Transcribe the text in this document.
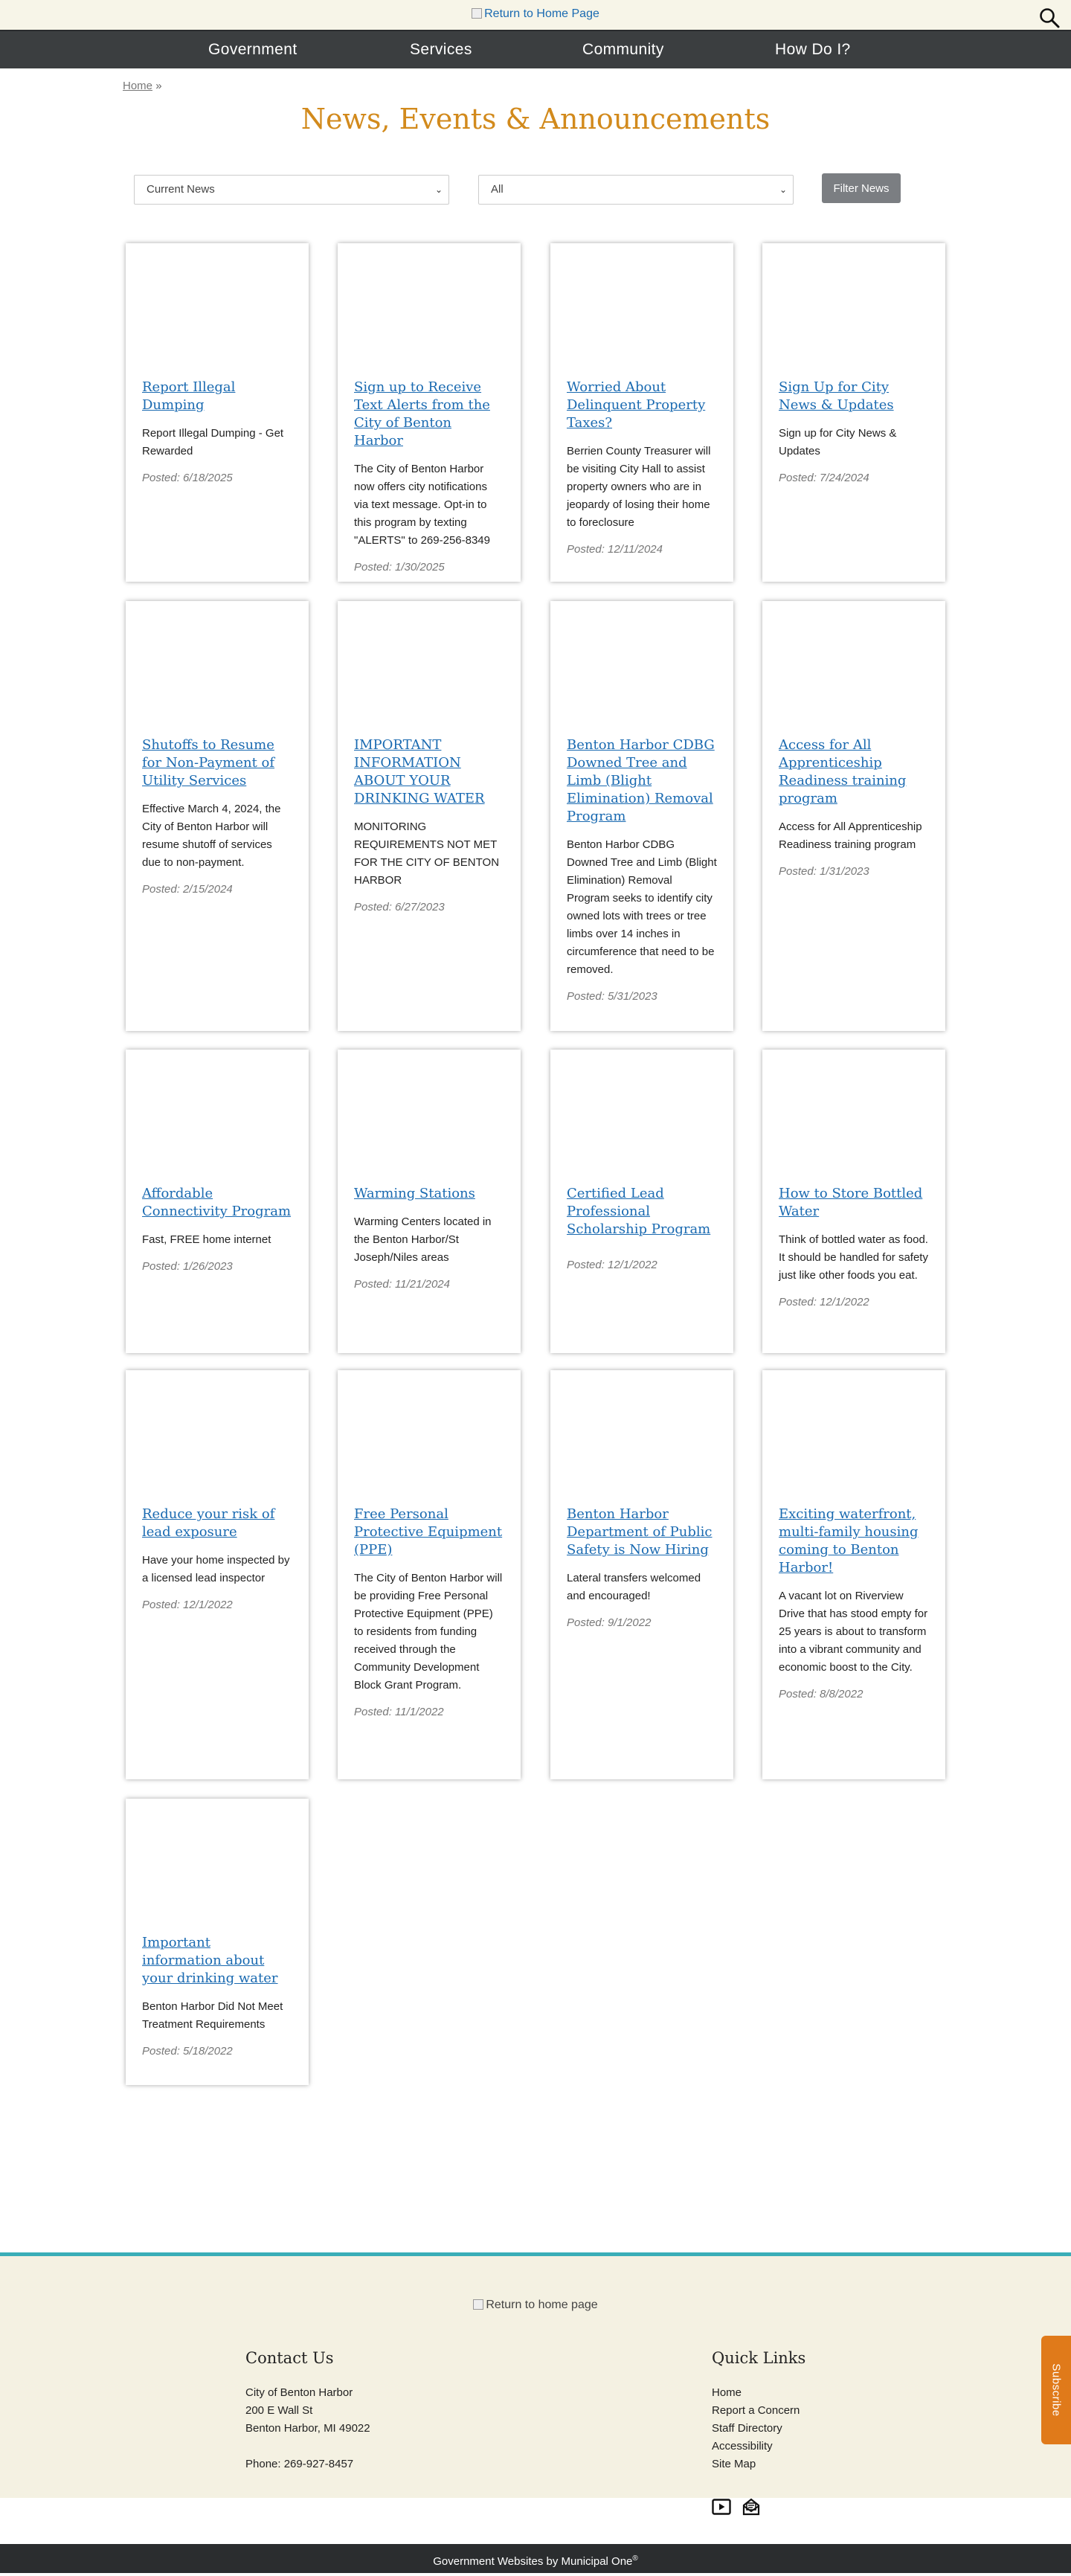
Return to Home Page
Government	Services	Community	How Do I?
Home »
News, Events & Announcements
Current News	⌄	All	⌄	Filter News
Report Illegal Dumping
Report Illegal Dumping - Get Rewarded
Posted: 6/18/2025
Sign up to Receive Text Alerts from the City of Benton Harbor
The City of Benton Harbor now offers city notifications via text message. Opt-in to this program by texting "ALERTS" to 269-256-8349
Posted: 1/30/2025
Worried About Delinquent Property Taxes?
Berrien County Treasurer will be visiting City Hall to assist property owners who are in jeopardy of losing their home to foreclosure
Posted: 12/11/2024
Sign Up for City News & Updates
Sign up for City News & Updates
Posted: 7/24/2024
Shutoffs to Resume for Non-Payment of Utility Services
Effective March 4, 2024, the City of Benton Harbor will resume shutoff of services due to non-payment.
Posted: 2/15/2024
IMPORTANT INFORMATION ABOUT YOUR DRINKING WATER
MONITORING REQUIREMENTS NOT MET FOR THE CITY OF BENTON HARBOR
Posted: 6/27/2023
Benton Harbor CDBG Downed Tree and Limb (Blight Elimination) Removal Program
Benton Harbor CDBG Downed Tree and Limb (Blight Elimination) Removal Program seeks to identify city owned lots with trees or tree limbs over 14 inches in circumference that need to be removed.
Posted: 5/31/2023
Access for All Apprenticeship Readiness training program
Access for All Apprenticeship Readiness training program
Posted: 1/31/2023
Affordable Connectivity Program
Fast, FREE home internet
Posted: 1/26/2023
Warming Stations
Warming Centers located in the Benton Harbor/St Joseph/Niles areas
Posted: 11/21/2024
Certified Lead Professional Scholarship Program
Posted: 12/1/2022
How to Store Bottled Water
Think of bottled water as food. It should be handled for safety just like other foods you eat.
Posted: 12/1/2022
Reduce your risk of lead exposure
Have your home inspected by a licensed lead inspector
Posted: 12/1/2022
Free Personal Protective Equipment (PPE)
The City of Benton Harbor will be providing Free Personal Protective Equipment (PPE) to residents from funding received through the Community Development Block Grant Program.
Posted: 11/1/2022
Benton Harbor Department of Public Safety is Now Hiring
Lateral transfers welcomed and encouraged!
Posted: 9/1/2022
Exciting waterfront, multi-family housing coming to Benton Harbor!
A vacant lot on Riverview Drive that has stood empty for 25 years is about to transform into a vibrant community and economic boost to the City.
Posted: 8/8/2022
Important information about your drinking water
Benton Harbor Did Not Meet Treatment Requirements
Posted: 5/18/2022
Return to home page
Contact Us
City of Benton Harbor
200 E Wall St
Benton Harbor, MI 49022
Phone: 269-927-8457
Quick Links
Home
Report a Concern
Staff Directory
Accessibility
Site Map
Subscribe
Government Websites by Municipal One®
